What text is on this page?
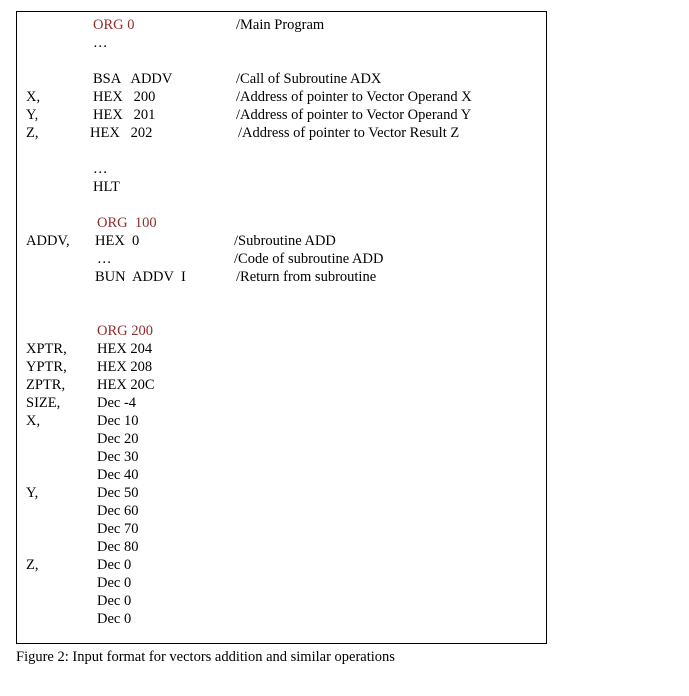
ORG 0	/Main Program
…
BSA   ADDV	/Call of Subroutine ADX
X,	HEX   200	/Address of pointer to Vector Operand X
Y,	HEX   201	/Address of pointer to Vector Operand Y
Z,	HEX   202	/Address of pointer to Vector Result Z
…
HLT
ORG  100
ADDV, HEX  0	/Subroutine ADD
…	/Code of subroutine ADD
BUN  ADDV  I	/Return from subroutine
ORG 200
XPTR, HEX 204
YPTR, HEX 208
ZPTR, HEX 20C
SIZE,	Dec -4
X,	Dec 10
Dec 20
Dec 30
Dec 40
Y,	Dec 50
Dec 60
Dec 70
Dec 80
Z,	Dec 0
Dec 0
Dec 0
Dec 0
Figure 2: Input format for vectors addition and similar operations
